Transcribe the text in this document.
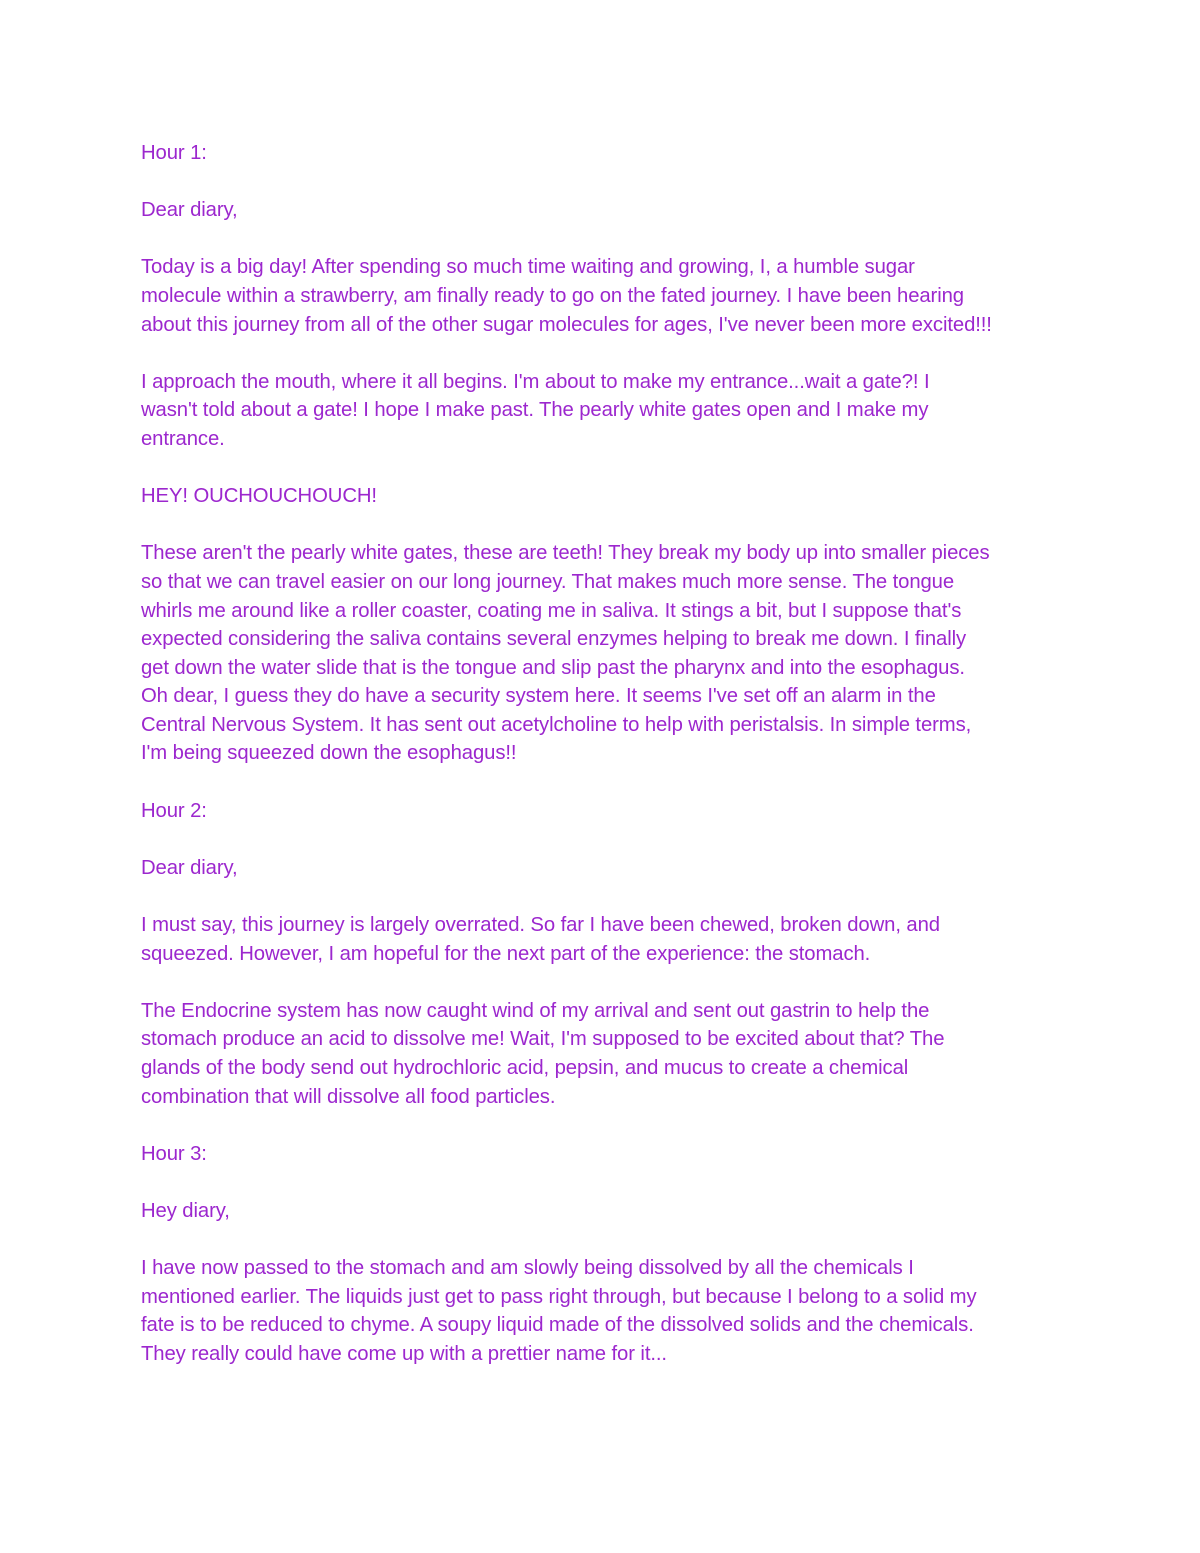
Hour 1:

Dear diary,

Today is a big day! After spending so much time waiting and growing, I, a humble sugar
molecule within a strawberry, am finally ready to go on the fated journey. I have been hearing
about this journey from all of the other sugar molecules for ages, I've never been more excited!!!

I approach the mouth, where it all begins. I'm about to make my entrance...wait a gate?! I
wasn't told about a gate! I hope I make past. The pearly white gates open and I make my
entrance.

HEY! OUCHOUCHOUCH!

These aren't the pearly white gates, these are teeth! They break my body up into smaller pieces
so that we can travel easier on our long journey. That makes much more sense. The tongue
whirls me around like a roller coaster, coating me in saliva. It stings a bit, but I suppose that's
expected considering the saliva contains several enzymes helping to break me down. I finally
get down the water slide that is the tongue and slip past the pharynx and into the esophagus.
Oh dear, I guess they do have a security system here. It seems I've set off an alarm in the
Central Nervous System. It has sent out acetylcholine to help with peristalsis. In simple terms,
I'm being squeezed down the esophagus!!

Hour 2:

Dear diary,

I must say, this journey is largely overrated. So far I have been chewed, broken down, and
squeezed. However, I am hopeful for the next part of the experience: the stomach.

The Endocrine system has now caught wind of my arrival and sent out gastrin to help the
stomach produce an acid to dissolve me! Wait, I'm supposed to be excited about that? The
glands of the body send out hydrochloric acid, pepsin, and mucus to create a chemical
combination that will dissolve all food particles.

Hour 3:

Hey diary,

I have now passed to the stomach and am slowly being dissolved by all the chemicals I
mentioned earlier. The liquids just get to pass right through, but because I belong to a solid my
fate is to be reduced to chyme. A soupy liquid made of the dissolved solids and the chemicals.
They really could have come up with a prettier name for it...
